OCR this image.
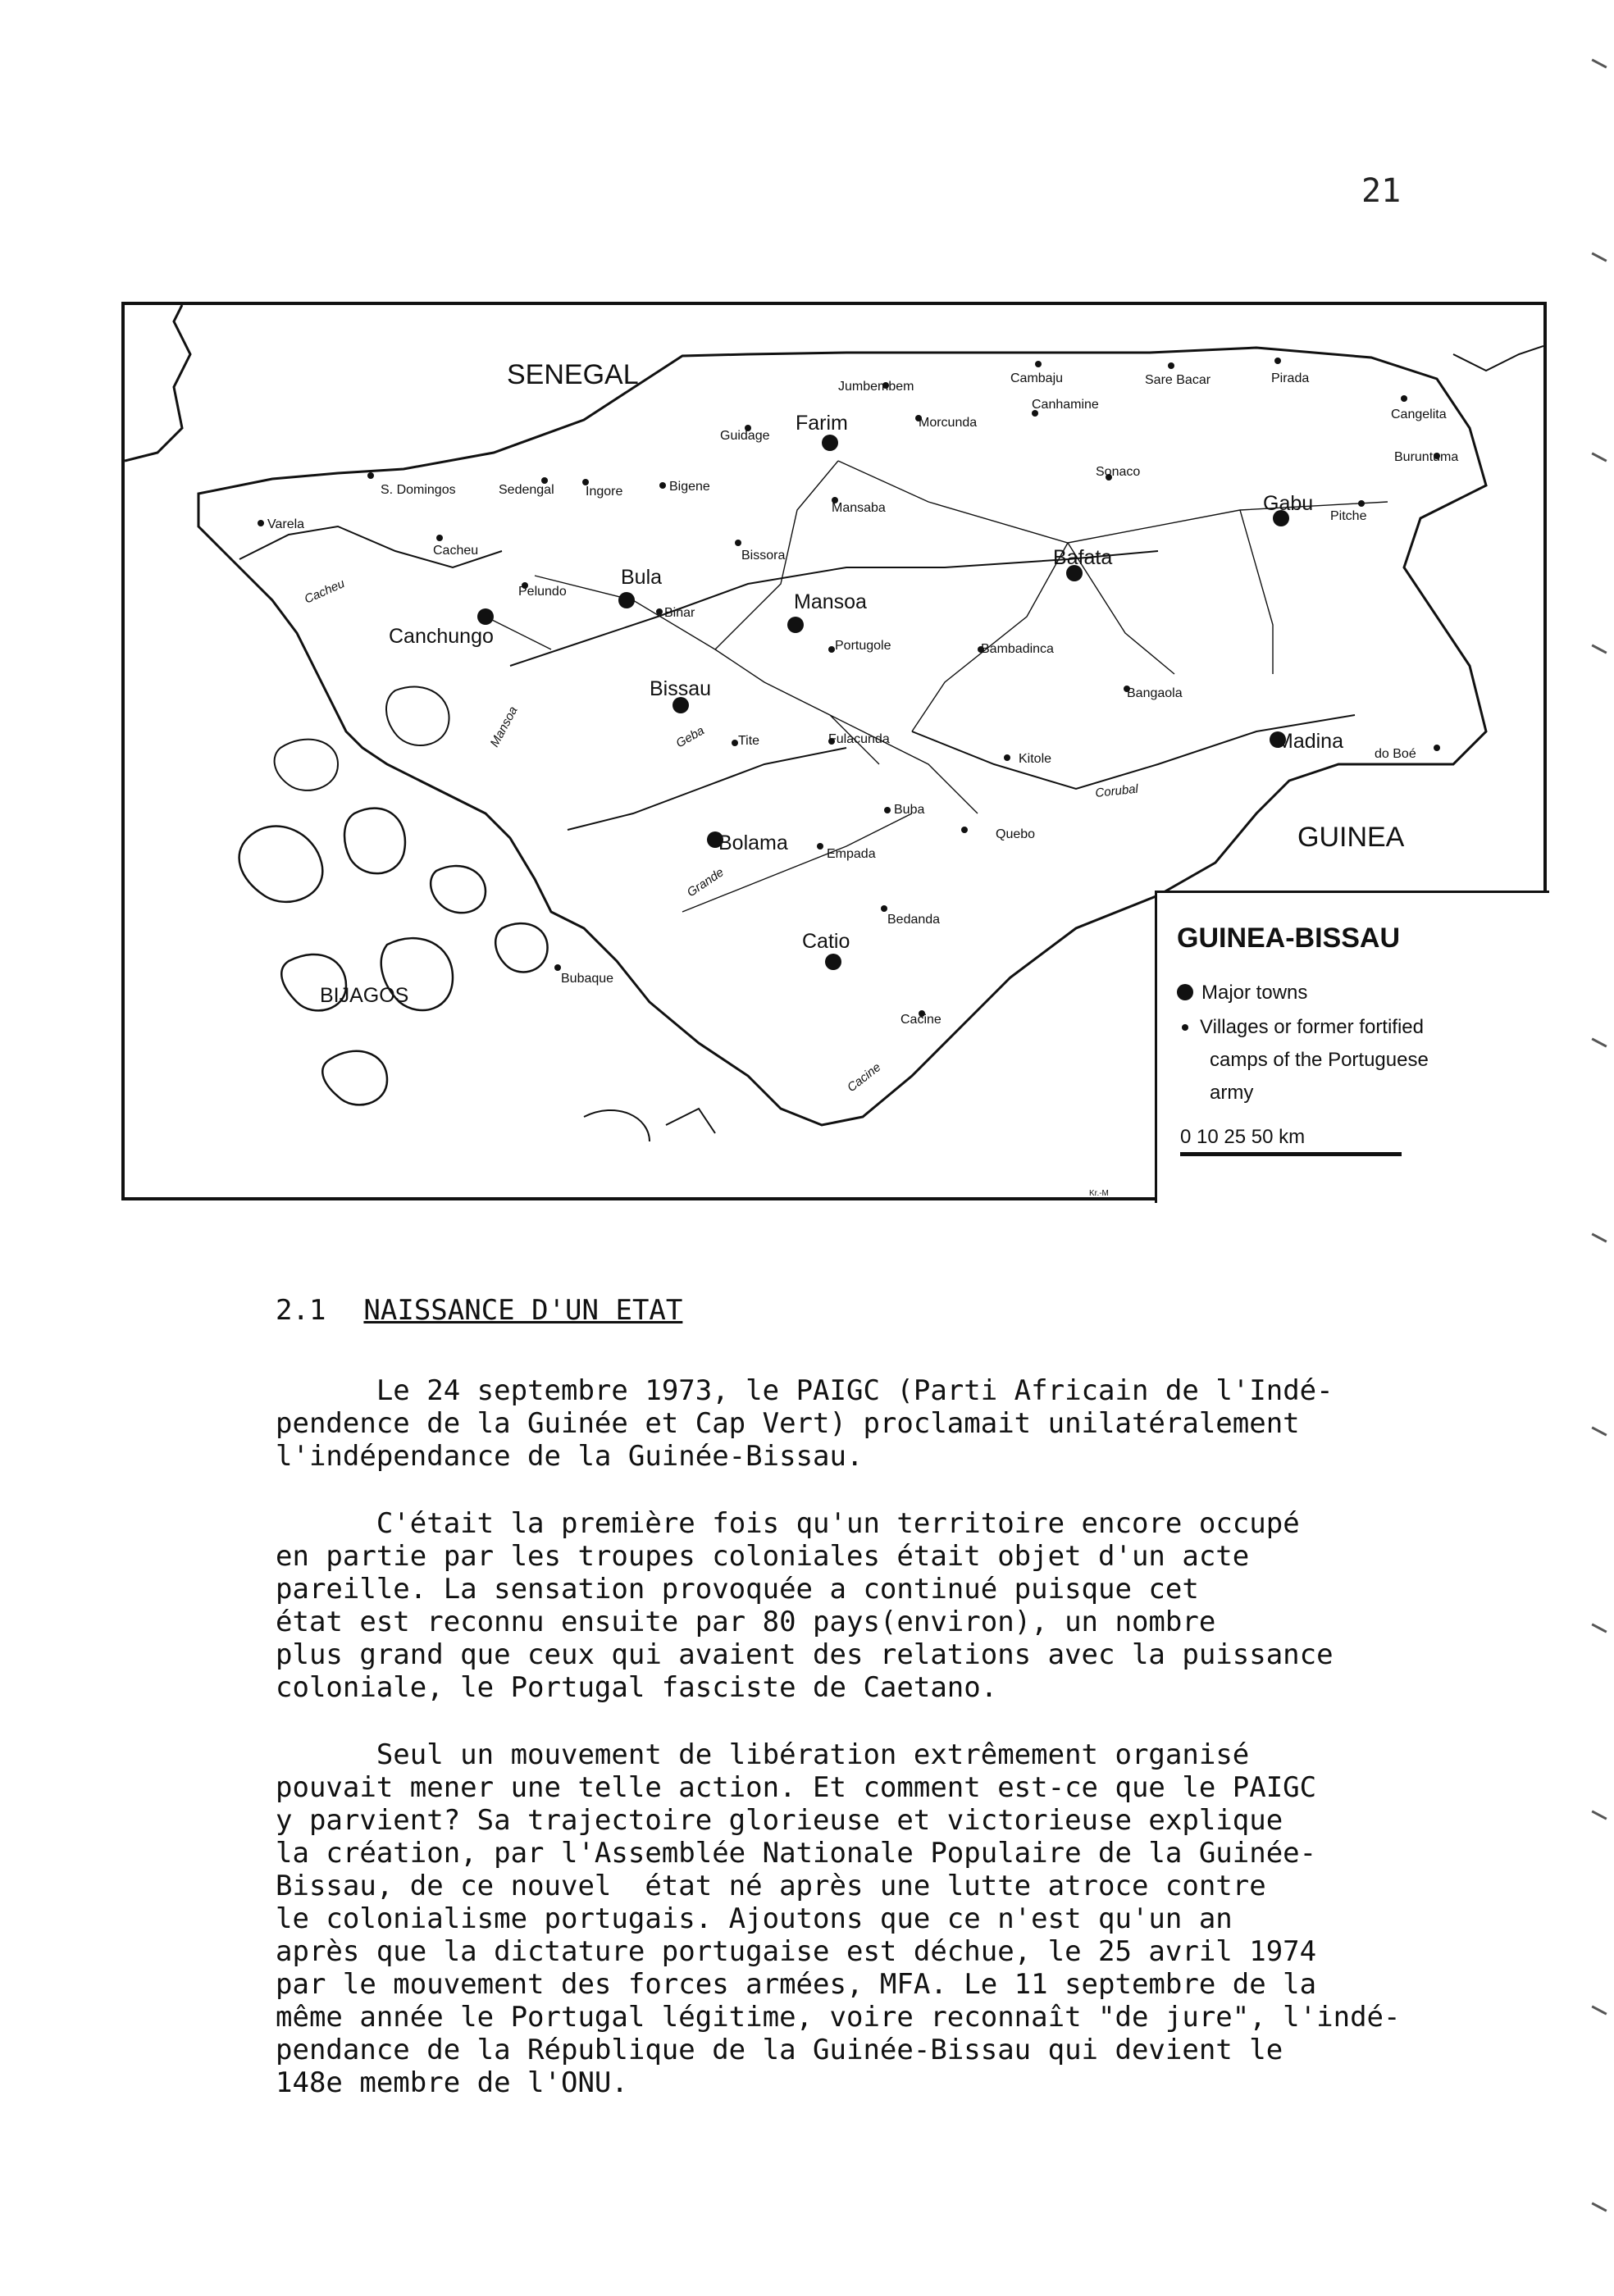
21
SENEGAL
GUINEA
BIJAGOS
Farim
Gabu
Bafata
Mansoa
Bula
Canchungo
Bissau
Bolama
Catio
Madina
Jumbembem
Cambaju	Sare Bacar	Pirada
Canhamine
Cangelita
Guidage
Morcunda
Buruntuma
Sonaco
S. Domingos	Sedengal Ingore	Bigene
Mansaba
Pitche
Varela
Cacheu	Bissora
Pelundo
Binar
Portugole	Bambadinca
Bangaola
Tite	Fulacunda
Kitole	do Boé
Buba
Quebo
Empada
Bedanda
Bubaque
Cacine
Cacheu
Mansoa	Geba
Grande
Corubal
Cacine
GUINEA-BISSAU
Major towns
Villages or former fortified
camps of the Portuguese
army
0 10 25 50 km
Kr.-M
2.1 NAISSANCE D'UN ETAT

Le 24 septembre 1973, le PAIGC (Parti Africain de l'Indé-
pendence de la Guinée et Cap Vert) proclamait unilatéralement
l'indépendance de la Guinée-Bissau.

C'était la première fois qu'un territoire encore occupé
en partie par les troupes coloniales était objet d'un acte
pareille. La sensation provoquée a continué puisque cet
état est reconnu ensuite par 80 pays(environ), un nombre
plus grand que ceux qui avaient des relations avec la puissance
coloniale, le Portugal fasciste de Caetano.

Seul un mouvement de libération extrêmement organisé
pouvait mener une telle action. Et comment est-ce que le PAIGC
y parvient? Sa trajectoire glorieuse et victorieuse explique
la création, par l'Assemblée Nationale Populaire de la Guinée-
Bissau, de ce nouvel  état né après une lutte atroce contre
le colonialisme portugais. Ajoutons que ce n'est qu'un an
après que la dictature portugaise est déchue, le 25 avril 1974
par le mouvement des forces armées, MFA. Le 11 septembre de la
même année le Portugal légitime, voire reconnaît "de jure", l'indé-
pendance de la République de la Guinée-Bissau qui devient le
148e membre de l'ONU.
